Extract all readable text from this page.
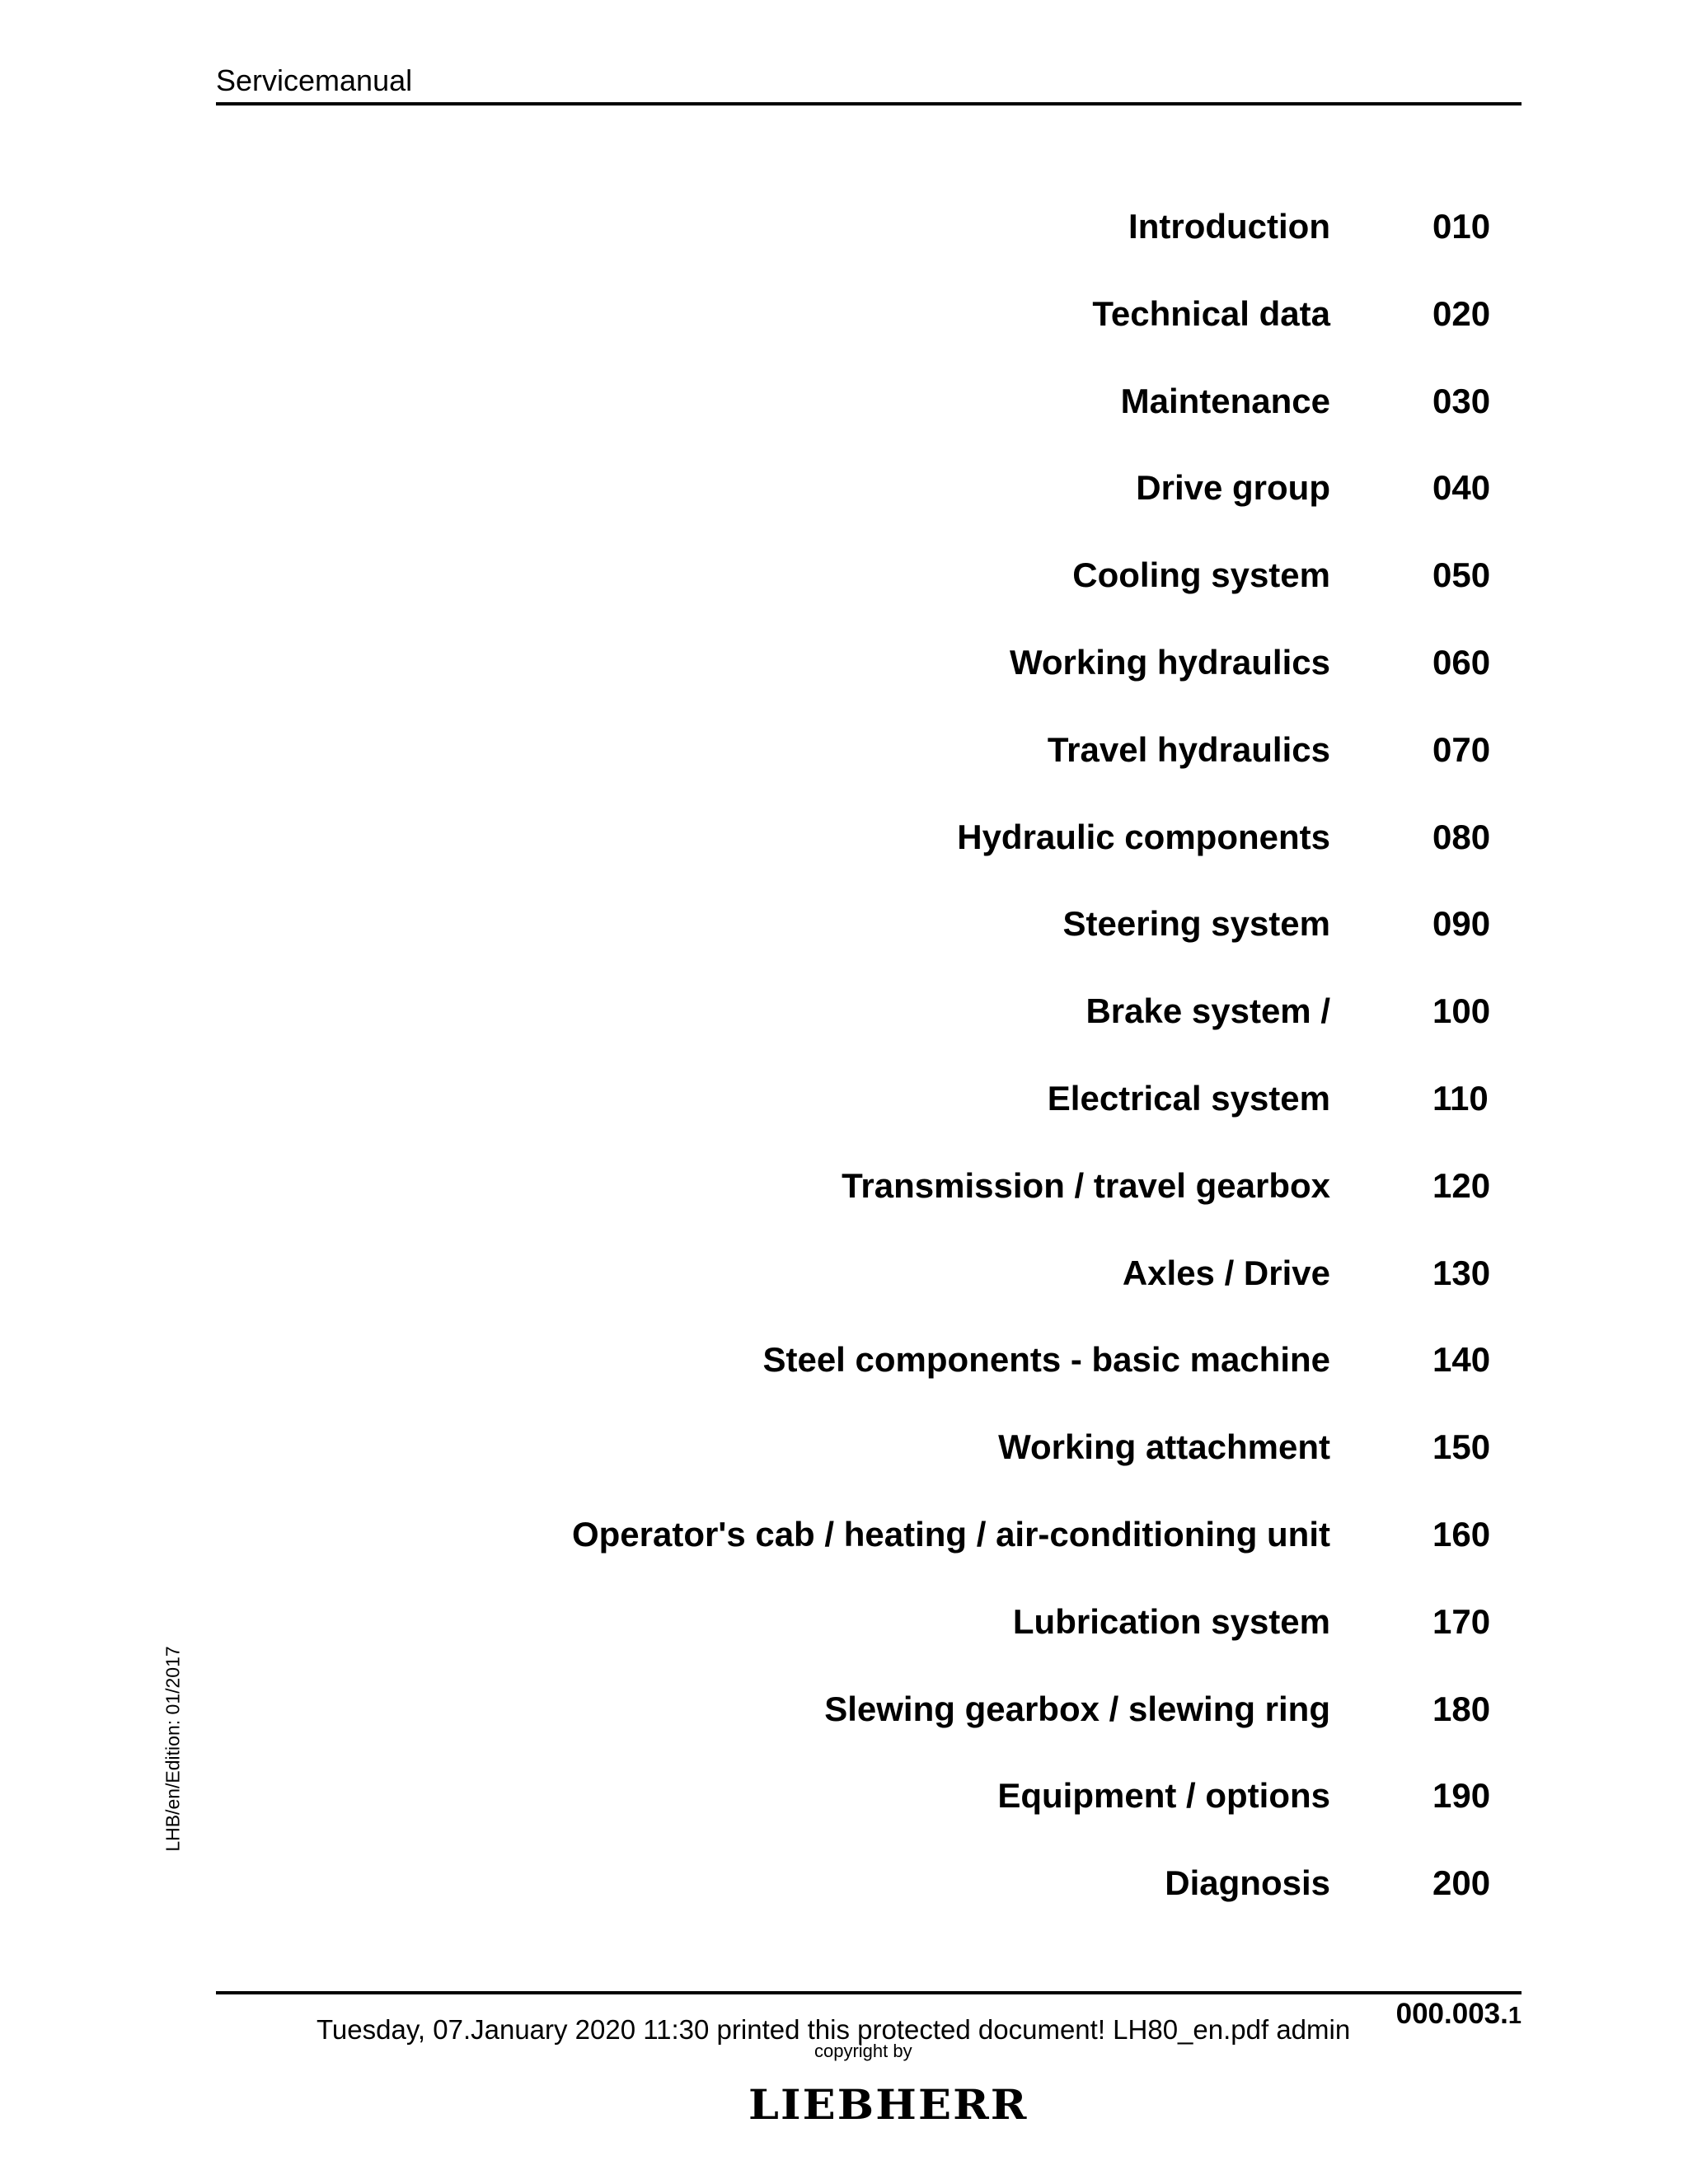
Servicemanual
Introduction	010
Technical data	020
Maintenance	030
Drive group	040
Cooling system	050
Working hydraulics	060
Travel hydraulics	070
Hydraulic components	080
Steering system	090
Brake system /	100
Electrical system	110
Transmission / travel gearbox	120
Axles / Drive	130
Steel components - basic machine	140
Working attachment	150
Operator's cab / heating / air-conditioning unit	160
Lubrication system	170
Slewing gearbox / slewing ring	180
Equipment / options	190
Diagnosis	200
LHB/en/Edition: 01/2017
000.003.1
Tuesday, 07.January 2020 11:30 printed this protected document! LH80_en.pdf admin
copyright by
LIEBHERR
